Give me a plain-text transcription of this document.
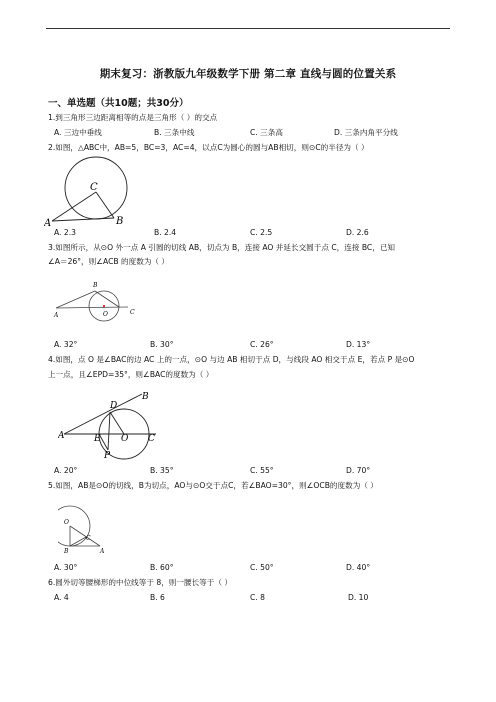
期末复习：浙教版九年级数学下册 第二章 直线与圆的位置关系
一、单选题（共10题；共30分）
1.到三角形三边距离相等的点是三角形（ ）的交点
A. 三边中垂线	B. 三条中线	C. 三条高	D. 三条内角平分线
2.如图，△ABC中，AB=5，BC=3，AC=4，以点C为圆心的圆与AB相切，则⊙C的半径为（ ）
C
A	B
A. 2.3	B. 2.4	C. 2.5	D. 2.6
3.如图所示，从⊙O 外一点 A 引圆的切线 AB，切点为 B，连接 AO 并延长交圆于点 C，连接 BC，已知
∠A＝26°，则∠ACB 的度数为（ ）
B
A	O	C
A. 32°	B. 30°	C. 26°	D. 13°
4.如图，点 O 是∠BAC的边 AC 上的一点，⊙O 与边 AB 相切于点 D，与线段 AO 相交于点 E，若点 P 是⊙O
上一点，且∠EPD=35°，则∠BAC的度数为（ ）
B
D
A	E O C
P
A. 20°	B. 35°	C. 55°	D. 70°
5.如图，AB是⊙O的切线，B为切点，AO与⊙O交于点C，若∠BAO=30°，则∠OCB的度数为（ ）
O
C
B	A
A. 30°	B. 60°	C. 50°	D. 40°
6.圆外切等腰梯形的中位线等于 8，则一腰长等于（ ）
A. 4	B. 6	C. 8	D. 10
